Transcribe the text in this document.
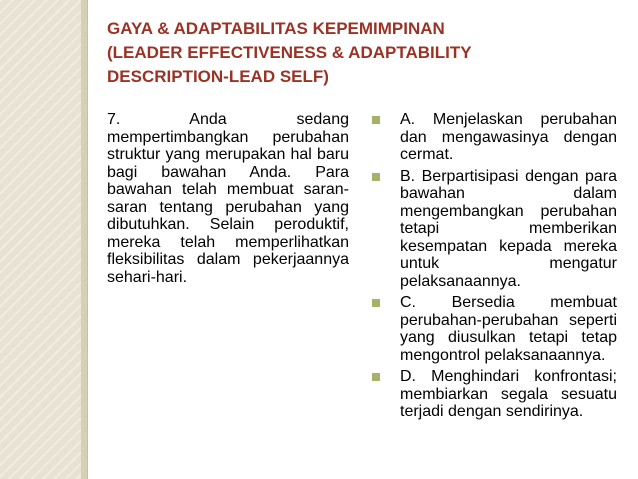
GAYA & ADAPTABILITAS KEPEMIMPINAN
(LEADER EFFECTIVENESS & ADAPTABILITY
DESCRIPTION-LEAD SELF)
7. Anda sedang mempertimbangkan perubahan struktur yang merupakan hal baru bagi bawahan Anda. Para bawahan telah membuat saran-saran tentang perubahan yang dibutuhkan. Selain peroduktif, mereka telah memperlihatkan fleksibilitas dalam pekerjaannya sehari-hari.
A. Menjelaskan perubahan dan mengawasinya dengan cermat.
B. Berpartisipasi dengan para bawahan dalam mengembangkan perubahan tetapi memberikan kesempatan kepada mereka untuk mengatur pelaksanaannya.
C. Bersedia membuat perubahan-perubahan seperti yang diusulkan tetapi tetap mengontrol pelaksanaannya.
D. Menghindari konfrontasi; membiarkan segala sesuatu terjadi dengan sendirinya.
